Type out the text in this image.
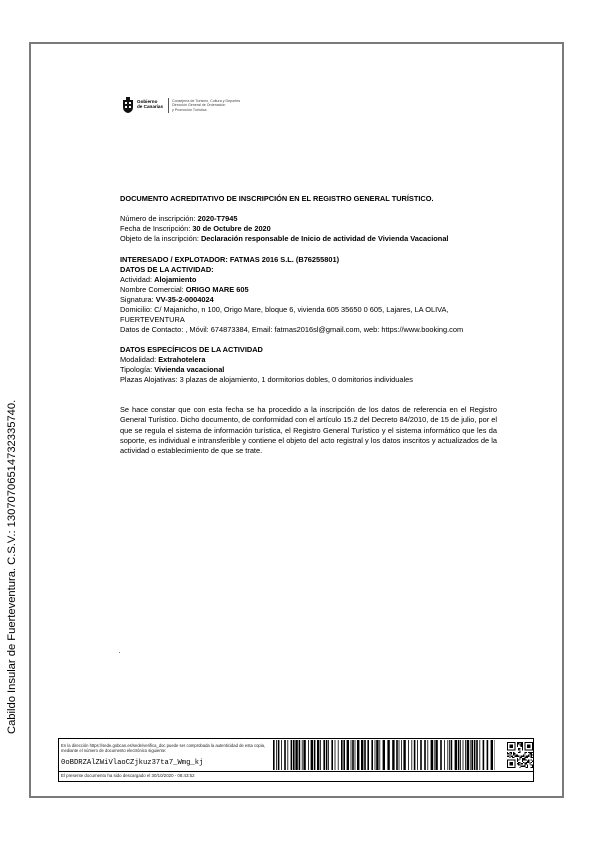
Cabildo Insular de Fuerteventura. C.S.V.: 13070706514732335740.
Gobierno
de Canarias
Consejería de Turismo, Cultura y Deportes
Dirección General de Ordenación
y Promoción Turística
DOCUMENTO ACREDITATIVO DE INSCRIPCIÓN EN EL REGISTRO GENERAL TURÍSTICO.
Número de inscripción: 2020-T7945
Fecha de Inscripción: 30 de Octubre de 2020
Objeto de la inscripción: Declaración responsable de Inicio de actividad de Vivienda Vacacional
INTERESADO / EXPLOTADOR: FATMAS 2016 S.L. (B76255801)
DATOS DE LA ACTIVIDAD:
Actividad: Alojamiento
Nombre Comercial: ORIGO MARE 605
Signatura: VV-35-2-0004024
Domicilio: C/ Majanicho, n 100, Origo Mare, bloque 6, vivienda 605 35650 0 605, Lajares, LA OLIVA,
FUERTEVENTURA
Datos de Contacto: , Móvil: 674873384, Email: fatmas2016sl@gmail.com, web: https://www.booking.com
DATOS ESPECÍFICOS DE LA ACTIVIDAD
Modalidad: Extrahotelera
Tipología: Vivienda vacacional
Plazas Alojativas: 3 plazas de alojamiento, 1 dormitorios dobles, 0 domitorios individuales
Se hace constar que con esta fecha se ha procedido a la inscripción de los datos de referencia en el Registro General Turístico. Dicho documento, de conformidad con el artículo 15.2 del Decreto 84/2010, de 15 de julio, por el que se regula el sistema de información turística, el Registro General Turístico y el sistema informático que les da soporte, es individual e intransferible y contiene el objeto del acto registral y los datos inscritos y actualizados de la actividad o establecimiento de que se trate.
En la dirección https://sede.gobcan.es/sede/verifica_doc puede ser comprobada la autenticidad de esta copia, mediante el número de documento electrónico siguiente:
0oBDRZAlZWiVlaoCZjkuz37ta7_Wmg_kj
El presente documento ha sido descargado el 30/10/2020 - 08:43:52
